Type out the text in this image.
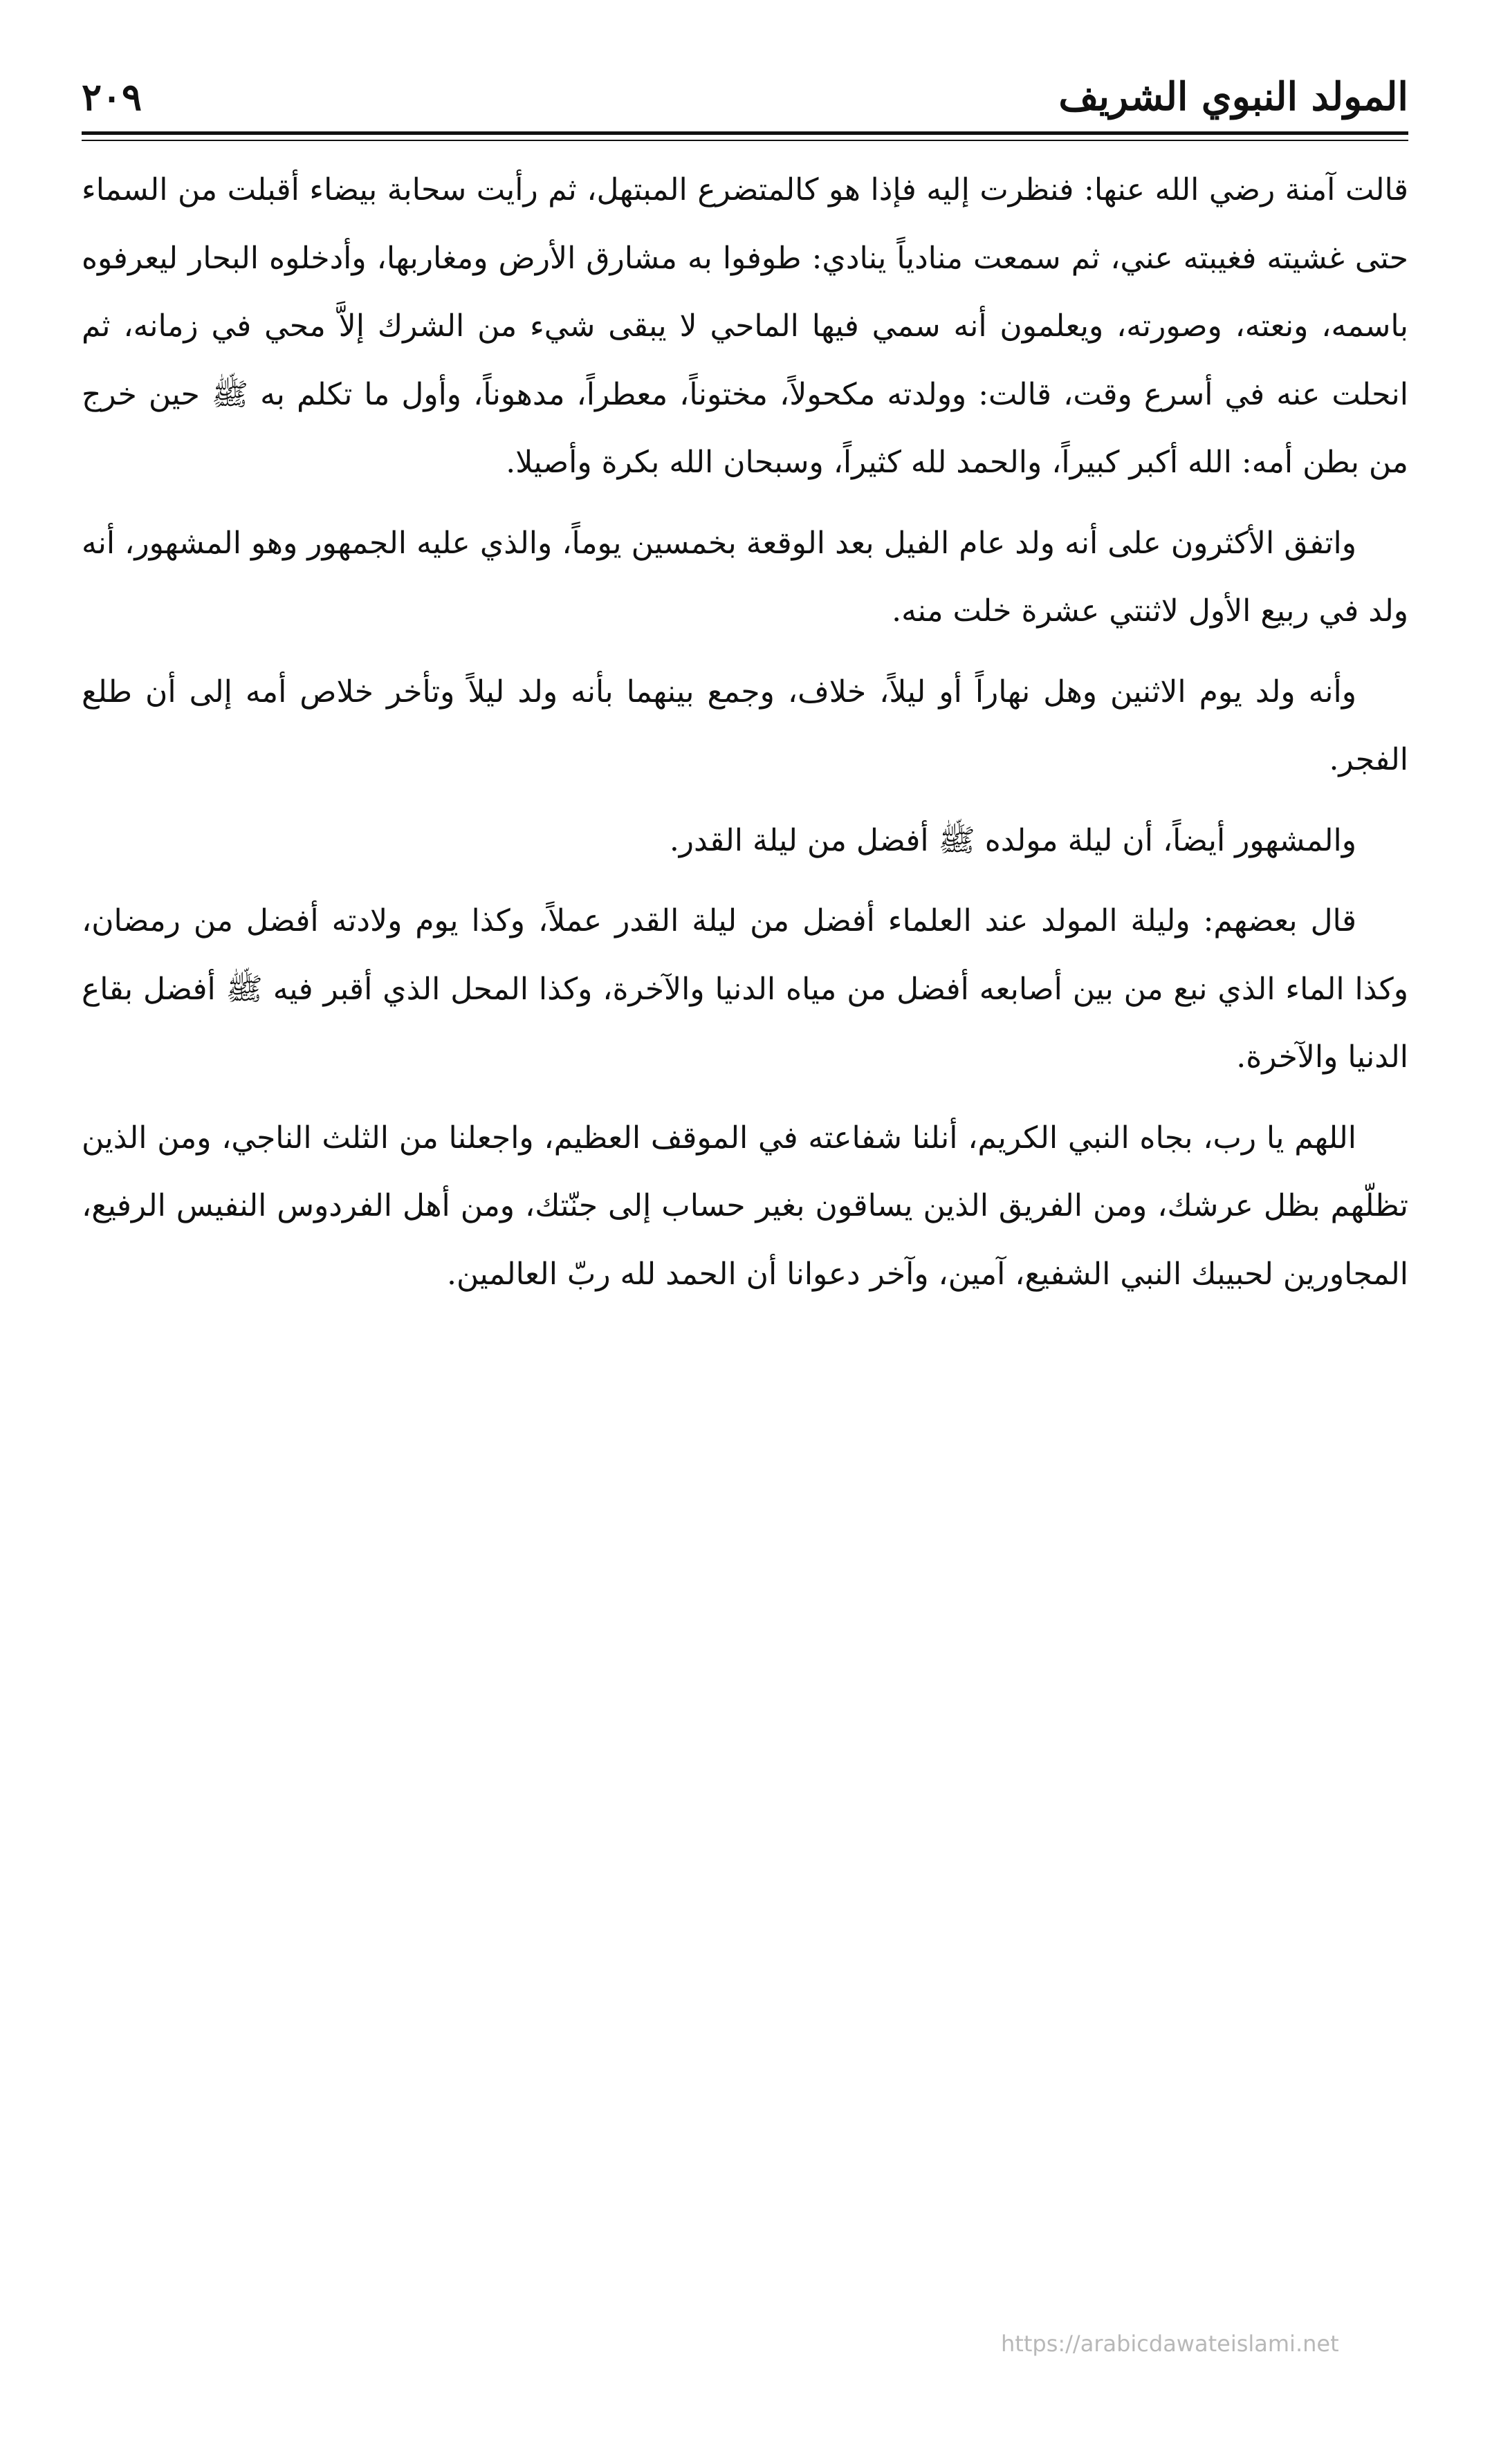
المولد النبوي الشريف
٢٠٩

قالت آمنة رضي الله عنها: فنظرت إليه فإذا هو كالمتضرع المبتهل، ثم رأيت سحابة بيضاء أقبلت من السماء حتى غشيته فغيبته عني، ثم سمعت منادياً ينادي: طوفوا به مشارق الأرض ومغاربها، وأدخلوه البحار ليعرفوه باسمه، ونعته، وصورته، ويعلمون أنه سمي فيها الماحي لا يبقى شيء من الشرك إلاَّ محي في زمانه، ثم انحلت عنه في أسرع وقت، قالت: وولدته مكحولاً، مختوناً، معطراً، مدهوناً، وأول ما تكلم به ﷺ حين خرج من بطن أمه: الله أكبر كبيراً، والحمد لله كثيراً، وسبحان الله بكرة وأصيلا.

واتفق الأكثرون على أنه ولد عام الفيل بعد الوقعة بخمسين يوماً، والذي عليه الجمهور وهو المشهور، أنه ولد في ربيع الأول لاثنتي عشرة خلت منه.

وأنه ولد يوم الاثنين وهل نهاراً أو ليلاً، خلاف، وجمع بينهما بأنه ولد ليلاً وتأخر خلاص أمه إلى أن طلع الفجر.

والمشهور أيضاً، أن ليلة مولده ﷺ أفضل من ليلة القدر.

قال بعضهم: وليلة المولد عند العلماء أفضل من ليلة القدر عملاً، وكذا يوم ولادته أفضل من رمضان، وكذا الماء الذي نبع من بين أصابعه أفضل من مياه الدنيا والآخرة، وكذا المحل الذي أقبر فيه ﷺ أفضل بقاع الدنيا والآخرة.

اللهم يا رب، بجاه النبي الكريم، أنلنا شفاعته في الموقف العظيم، واجعلنا من الثلث الناجي، ومن الذين تظلّهم بظل عرشك، ومن الفريق الذين يساقون بغير حساب إلى جنّتك، ومن أهل الفردوس النفيس الرفيع، المجاورين لحبيبك النبي الشفيع، آمين، وآخر دعوانا أن الحمد لله ربّ العالمين.

https://arabicdawateislami.net
